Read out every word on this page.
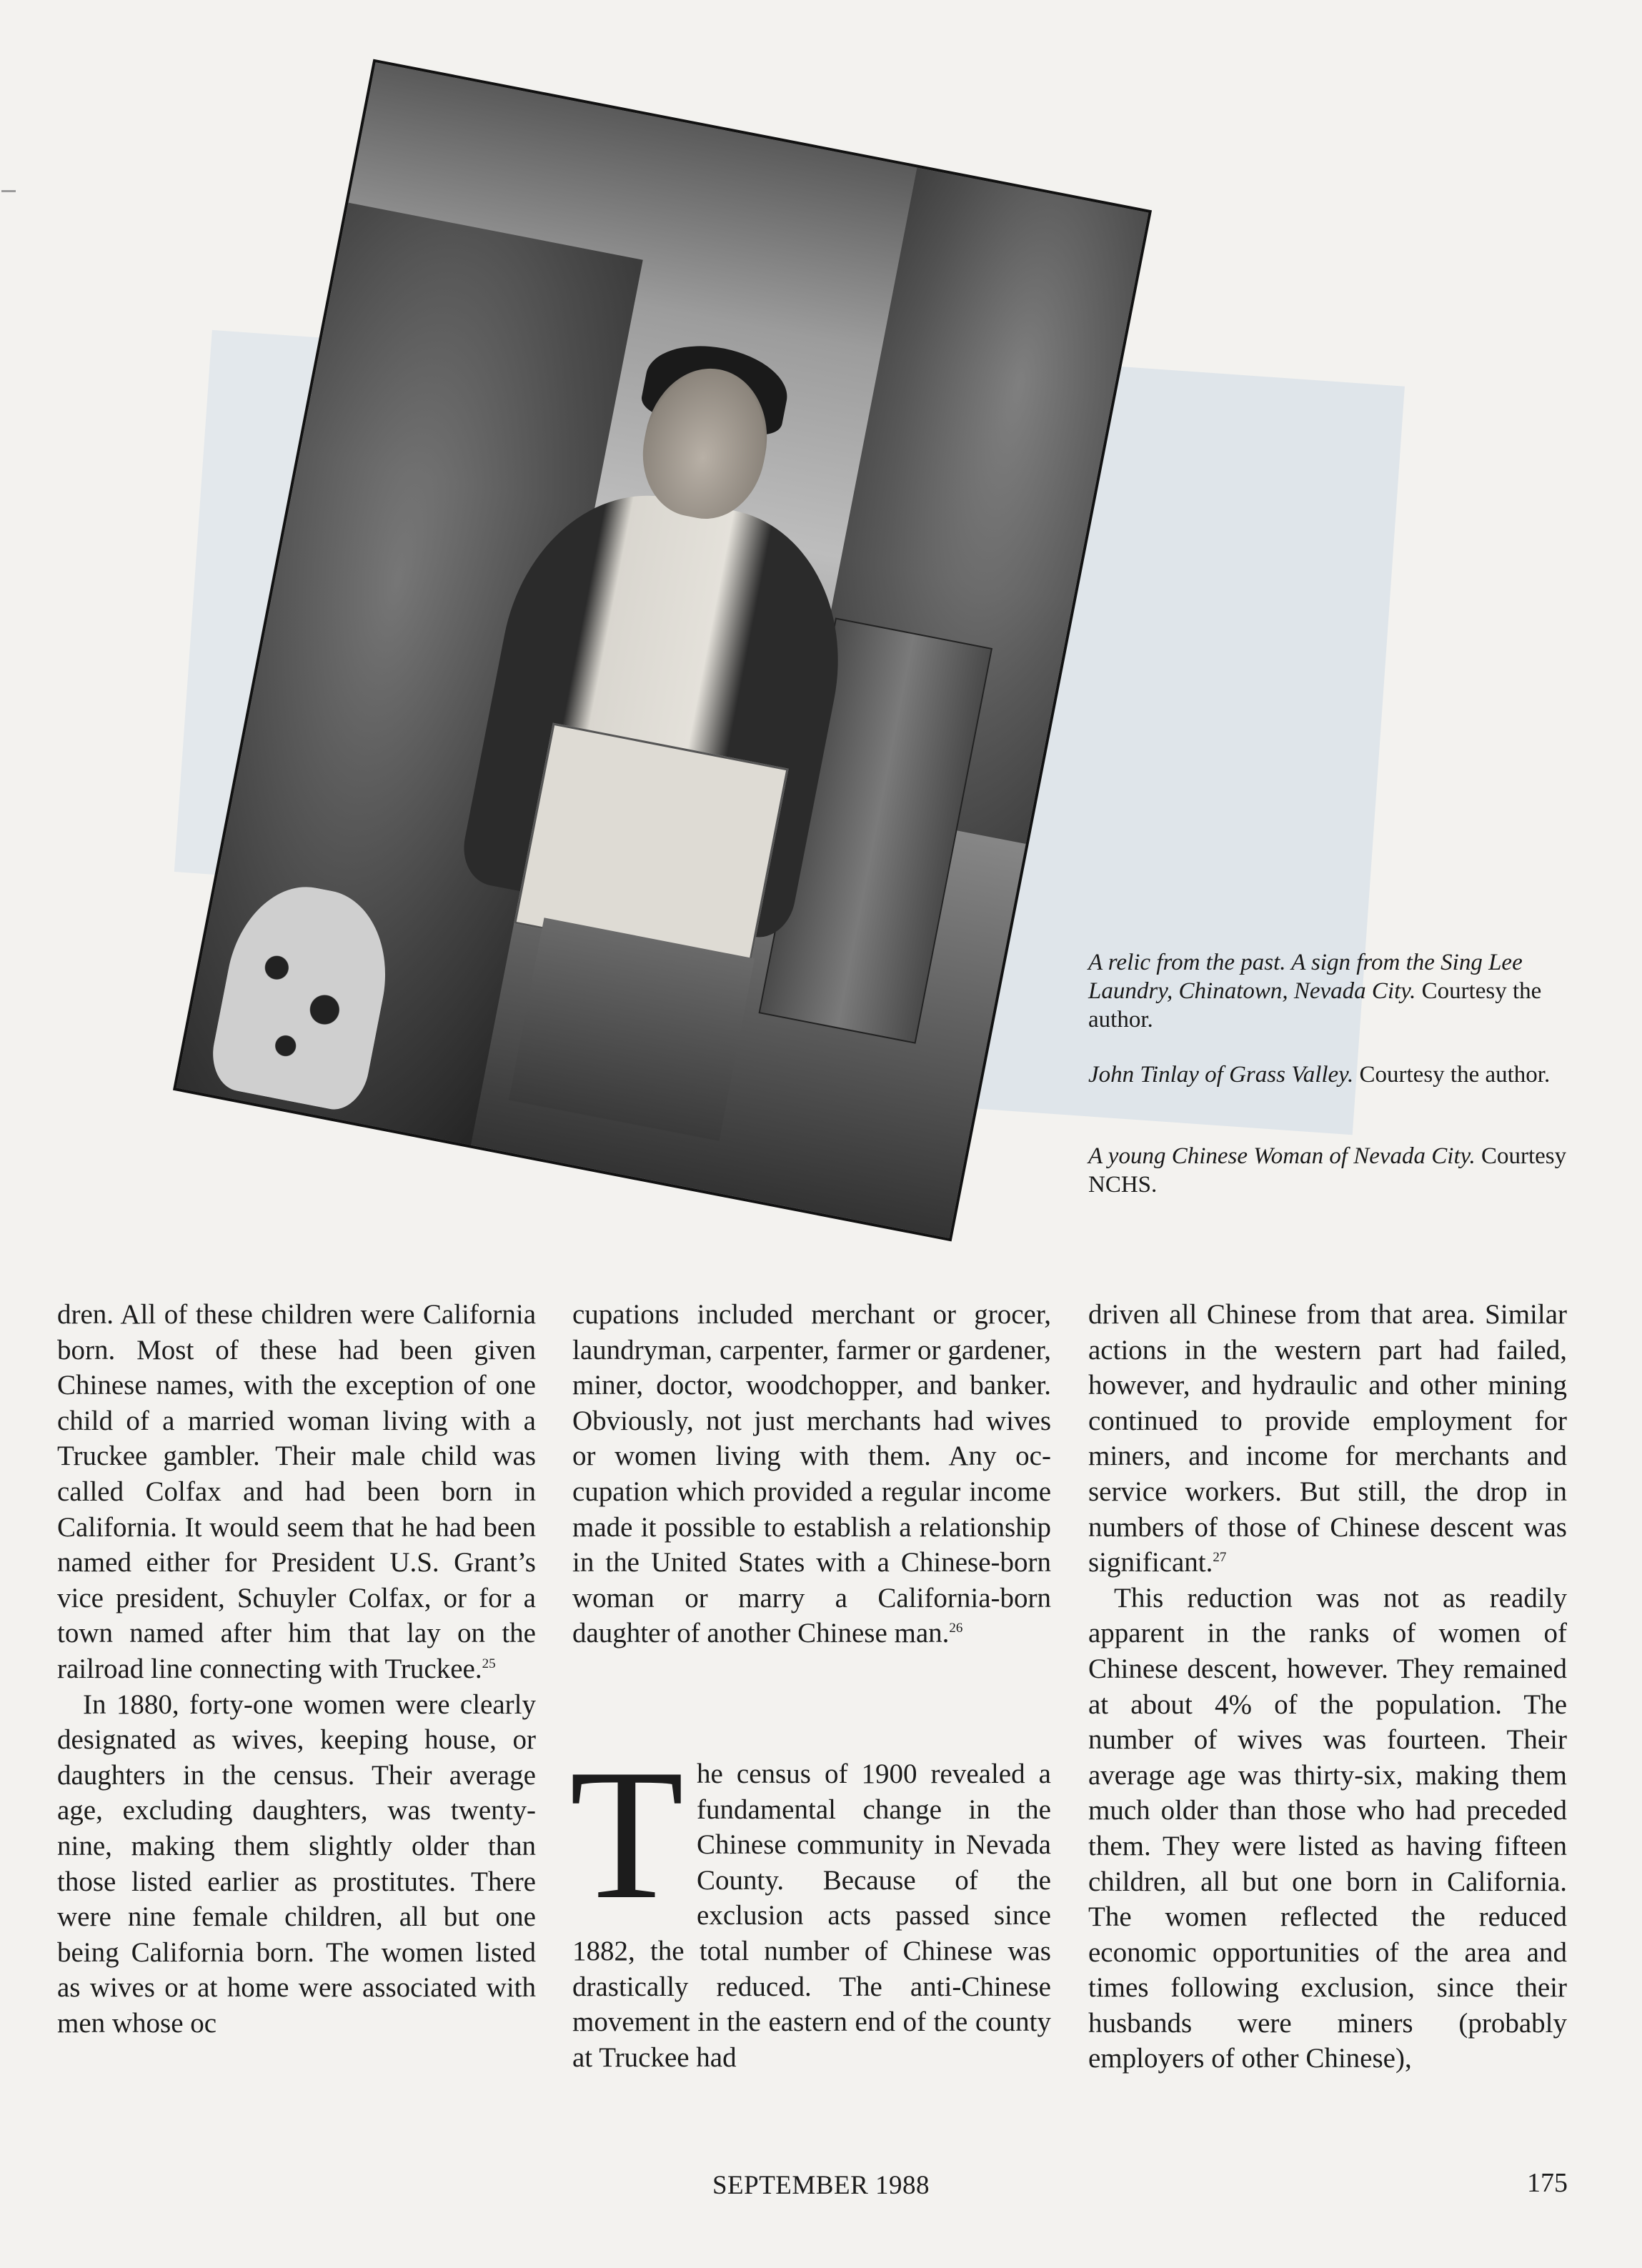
A relic from the past. A sign from the Sing Lee Laundry, Chinatown, Nevada City. Courtesy the author.
John Tinlay of Grass Valley. Courtesy the author.
A young Chinese Woman of Nevada City. Courtesy NCHS.

dren. All of these children were California born. Most of these had been given Chinese names, with the exception of one child of a married woman living with a Truckee gambler. Their male child was called Colfax and had been born in California. It would seem that he had been named either for President U.S. Grant’s vice president, Schuyler Colfax, or for a town named after him that lay on the railroad line connecting with Truckee.$^{25}$

In 1880, forty-one women were clearly designated as wives, keeping house, or daughters in the census. Their average age, excluding daughters, was twenty-nine, making them slightly older than those listed earlier as prostitutes. There were nine female children, all but one being California born. The women listed as wives or at home were associated with men whose oc

cupations included merchant or grocer, laundryman, carpenter, farmer or gardener, miner, doctor, woodchopper, and banker. Obviously, not just merchants had wives or women living with them. Any occupation which provided a regular income made it possible to establish a relationship in the United States with a Chinese-born woman or marry a California-born daughter of another Chinese man.$^{26}$

The census of 1900 revealed a fundamental change in the Chinese community in Nevada County. Because of the exclusion acts passed since 1882, the total number of Chinese was drastically reduced. The anti-Chinese movement in the eastern end of the county at Truckee had

driven all Chinese from that area. Similar actions in the western part had failed, however, and hydraulic and other mining continued to provide employment for miners, and income for merchants and service workers. But still, the drop in numbers of those of Chinese descent was significant.$^{27}$

This reduction was not as readily apparent in the ranks of women of Chinese descent, however. They remained at about 4% of the population. The number of wives was fourteen. Their average age was thirty-six, making them much older than those who had preceded them. They were listed as having fifteen children, all but one born in California. The women reflected the reduced economic opportunities of the area and times following exclusion, since their husbands were miners (probably employers of other Chinese),

SEPTEMBER 1988	175
